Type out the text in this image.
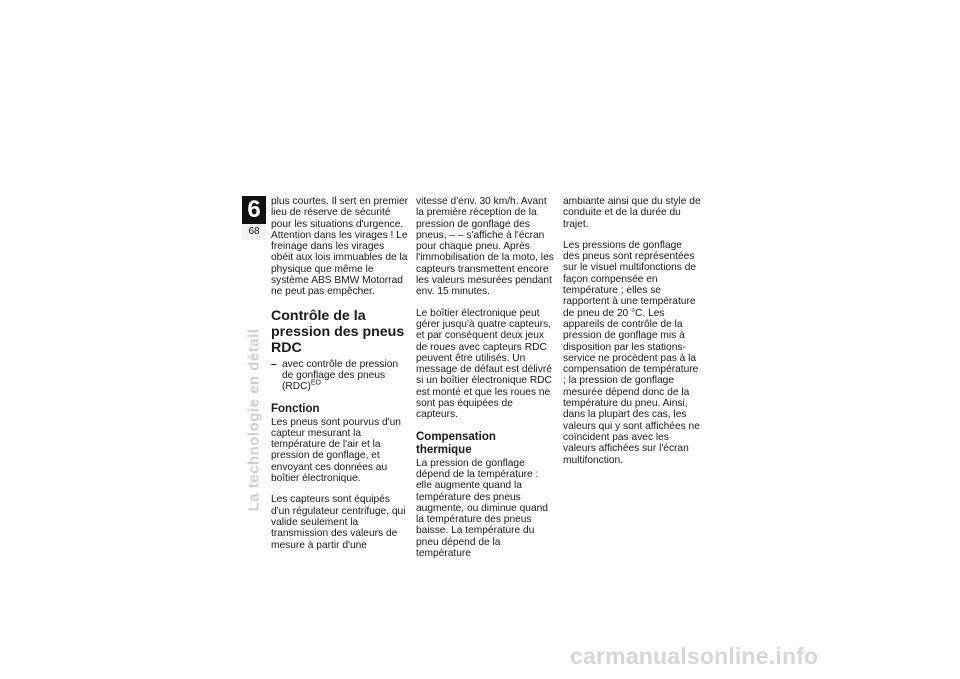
6
68
La technologie en détail

plus courtes. Il sert en premier lieu de réserve de sécurité pour les situations d'urgence. Attention dans les virages ! Le freinage dans les virages obéit aux lois immuables de la physique que même le système ABS BMW Motorrad ne peut pas empêcher.

Contrôle de la pression des pneus RDC
– avec contrôle de pression de gonflage des pneus (RDC)$^{EO}$
Fonction

Les pneus sont pourvus d'un capteur mesurant la température de l'air et la pression de gonflage, et envoyant ces données au boîtier électronique.

Les capteurs sont équipés d'un régulateur centrifuge, qui valide seulement la transmission des valeurs de mesure à partir d'une

vitesse d'env. 30 km/h. Avant la première réception de la pression de gonflage des pneus, – – s'affiche à l'écran pour chaque pneu. Après l'immobilisation de la moto, les capteurs transmettent encore les valeurs mesurées pendant env. 15 minutes.

Le boîtier électronique peut gérer jusqu'à quatre capteurs, et par conséquent deux jeux de roues avec capteurs RDC peuvent être utilisés. Un message de défaut est délivré si un boîtier électronique RDC est monté et que les roues ne sont pas équipées de capteurs.

Compensation thermique

La pression de gonflage dépend de la température : elle augmente quand la température des pneus augmente, ou diminue quand la température des pneus baisse. La température du pneu dépend de la température

ambiante ainsi que du style de conduite et de la durée du trajet.

Les pressions de gonflage des pneus sont représentées sur le visuel multifonctions de façon compensée en température ; elles se rapportent à une température de pneu de 20 °C. Les appareils de contrôle de la pression de gonflage mis à disposition par les stations-service ne procèdent pas à la compensation de température ; la pression de gonflage mesurée dépend donc de la température du pneu. Ainsi, dans la plupart des cas, les valeurs qui y sont affichées ne coïncident pas avec les valeurs affichées sur l'écran multifonction.

carmanualsonline.info
